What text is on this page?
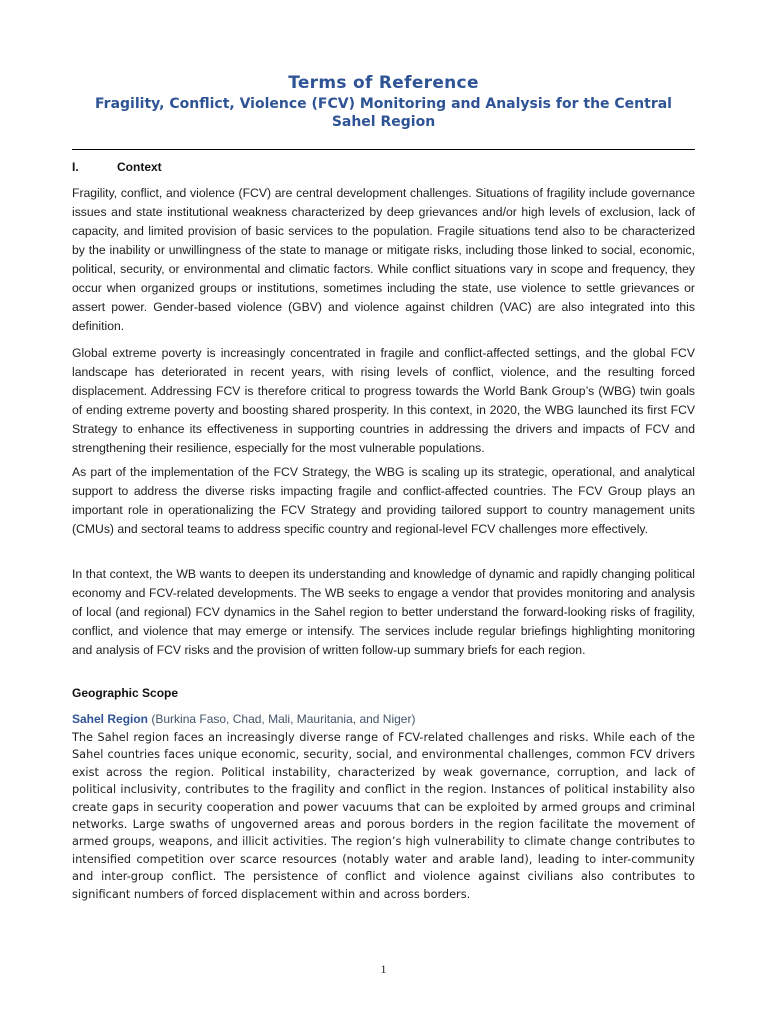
Terms of Reference
Fragility, Conflict, Violence (FCV) Monitoring and Analysis for the Central Sahel Region
I.	Context

Fragility, conflict, and violence (FCV) are central development challenges. Situations of fragility include governance issues and state institutional weakness characterized by deep grievances and/or high levels of exclusion, lack of capacity, and limited provision of basic services to the population. Fragile situations tend also to be characterized by the inability or unwillingness of the state to manage or mitigate risks, including those linked to social, economic, political, security, or environmental and climatic factors. While conflict situations vary in scope and frequency, they occur when organized groups or institutions, sometimes including the state, use violence to settle grievances or assert power. Gender-based violence (GBV) and violence against children (VAC) are also integrated into this definition.

Global extreme poverty is increasingly concentrated in fragile and conflict-affected settings, and the global FCV landscape has deteriorated in recent years, with rising levels of conflict, violence, and the resulting forced displacement. Addressing FCV is therefore critical to progress towards the World Bank Group’s (WBG) twin goals of ending extreme poverty and boosting shared prosperity. In this context, in 2020, the WBG launched its first FCV Strategy to enhance its effectiveness in supporting countries in addressing the drivers and impacts of FCV and strengthening their resilience, especially for the most vulnerable populations.

As part of the implementation of the FCV Strategy, the WBG is scaling up its strategic, operational, and analytical support to address the diverse risks impacting fragile and conflict-affected countries. The FCV Group plays an important role in operationalizing the FCV Strategy and providing tailored support to country management units (CMUs) and sectoral teams to address specific country and regional-level FCV challenges more effectively.

In that context, the WB wants to deepen its understanding and knowledge of dynamic and rapidly changing political economy and FCV-related developments. The WB seeks to engage a vendor that provides monitoring and analysis of local (and regional) FCV dynamics in the Sahel region to better understand the forward-looking risks of fragility, conflict, and violence that may emerge or intensify. The services include regular briefings highlighting monitoring and analysis of FCV risks and the provision of written follow-up summary briefs for each region.

Geographic Scope

Sahel Region (Burkina Faso, Chad, Mali, Mauritania, and Niger)

The Sahel region faces an increasingly diverse range of FCV-related challenges and risks. While each of the Sahel countries faces unique economic, security, social, and environmental challenges, common FCV drivers exist across the region. Political instability, characterized by weak governance, corruption, and lack of political inclusivity, contributes to the fragility and conflict in the region. Instances of political instability also create gaps in security cooperation and power vacuums that can be exploited by armed groups and criminal networks. Large swaths of ungoverned areas and porous borders in the region facilitate the movement of armed groups, weapons, and illicit activities. The region’s high vulnerability to climate change contributes to intensified competition over scarce resources (notably water and arable land), leading to inter-community and inter-group conflict. The persistence of conflict and violence against civilians also contributes to significant numbers of forced displacement within and across borders.

1
